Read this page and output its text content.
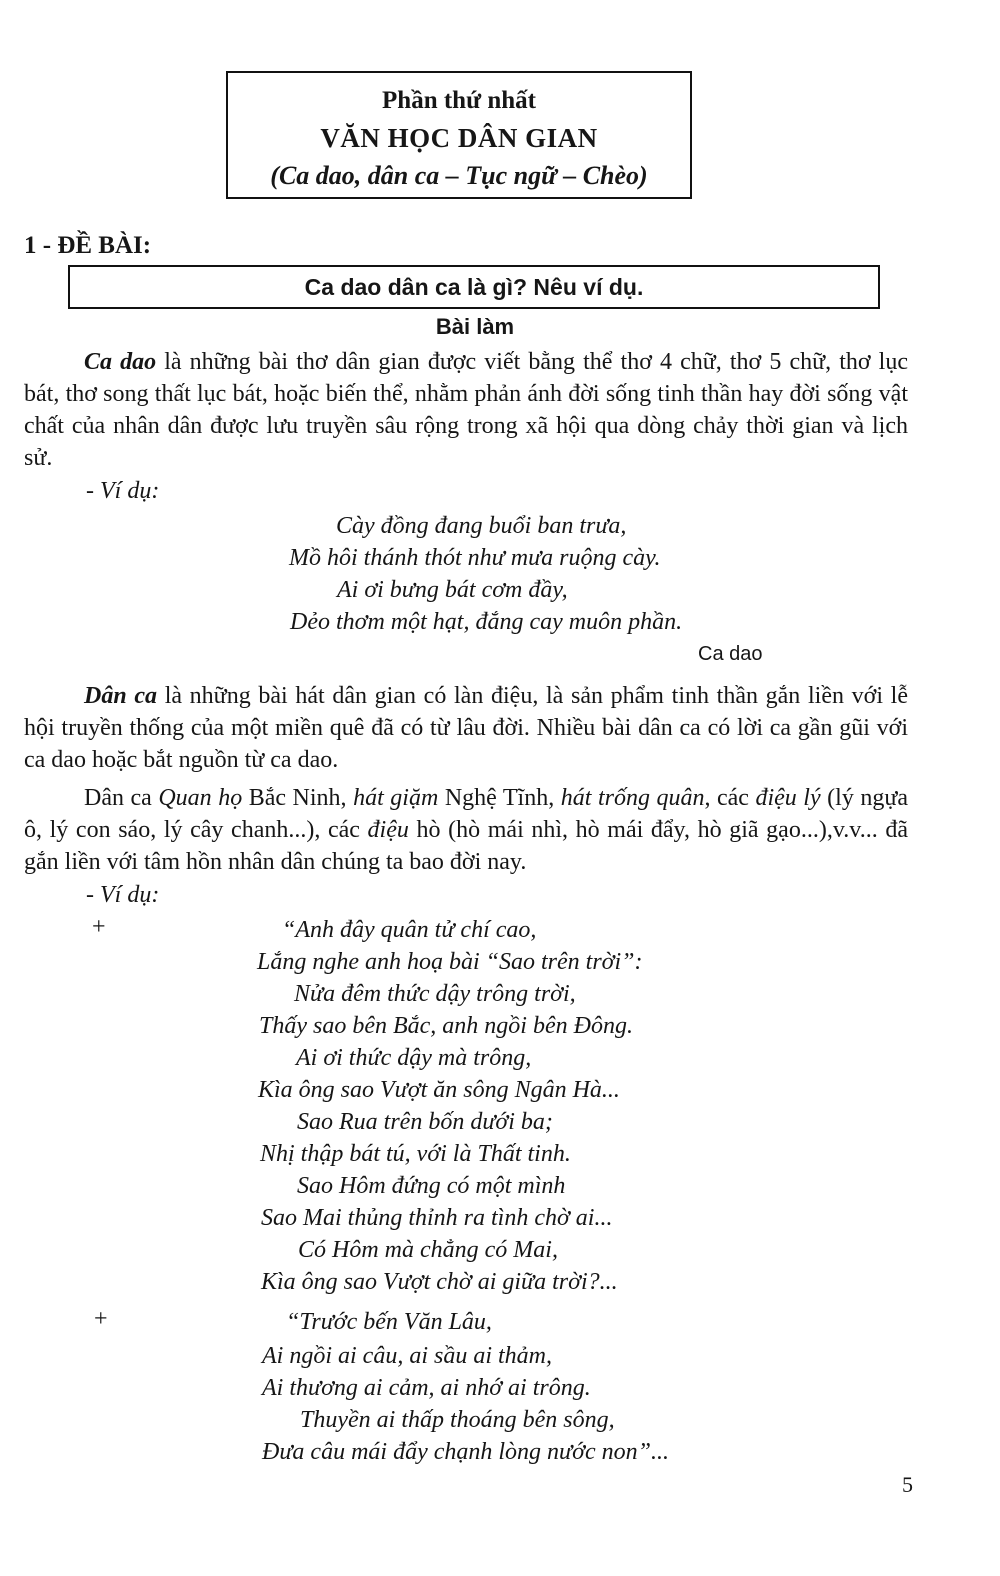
Phần thứ nhất
VĂN HỌC DÂN GIAN
(Ca dao, dân ca – Tục ngữ – Chèo)
1 - ĐỀ BÀI:
Ca dao dân ca là gì? Nêu ví dụ.
Bài làm
Ca dao là những bài thơ dân gian được viết bằng thể thơ 4 chữ, thơ 5 chữ, thơ lục bát, thơ song thất lục bát, hoặc biến thể, nhằm phản ánh đời sống tinh thần hay đời sống vật chất của nhân dân được lưu truyền sâu rộng trong xã hội qua dòng chảy thời gian và lịch sử.
- Ví dụ:
Cày đồng đang buổi ban trưa,
Mồ hôi thánh thót như mưa ruộng cày.
Ai ơi bưng bát cơm đầy,
Dẻo thơm một hạt, đắng cay muôn phần.
Ca dao
Dân ca là những bài hát dân gian có làn điệu, là sản phẩm tinh thần gắn liền với lễ hội truyền thống của một miền quê đã có từ lâu đời. Nhiều bài dân ca có lời ca gần gũi với ca dao hoặc bắt nguồn từ ca dao.
Dân ca Quan họ Bắc Ninh, hát giặm Nghệ Tĩnh, hát trống quân, các điệu lý (lý ngựa ô, lý con sáo, lý cây chanh...), các điệu hò (hò mái nhì, hò mái đẩy, hò giã gạo...),v.v... đã gắn liền với tâm hồn nhân dân chúng ta bao đời nay.
- Ví dụ:
+	“Anh đây quân tử chí cao,
Lắng nghe anh hoạ bài “Sao trên trời”:
Nửa đêm thức dậy trông trời,
Thấy sao bên Bắc, anh ngồi bên Đông.
Ai ơi thức dậy mà trông,
Kìa ông sao Vượt ăn sông Ngân Hà...
Sao Rua trên bốn dưới ba;
Nhị thập bát tú, với là Thất tinh.
Sao Hôm đứng có một mình
Sao Mai thủng thỉnh ra tình chờ ai...
Có Hôm mà chẳng có Mai,
Kìa ông sao Vượt chờ ai giữa trời?...
+	“Trước bến Văn Lâu,
Ai ngồi ai câu, ai sầu ai thảm,
Ai thương ai cảm, ai nhớ ai trông.
Thuyền ai thấp thoáng bên sông,
Đưa câu mái đẩy chạnh lòng nước non”...
5
